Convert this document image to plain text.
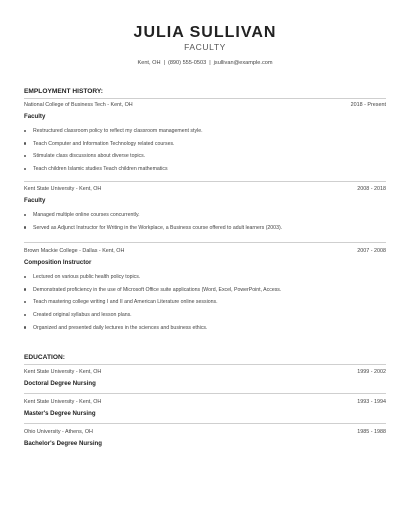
JULIA SULLIVAN
FACULTY
Kent, OH | (890) 555-0503 | jsullivan@example.com
EMPLOYMENT HISTORY:
National College of Business Tech - Kent, OH	2018 - Present
Faculty
Restructured classroom policy to reflect my classroom management style.
Teach Computer and Information Technology related courses.
Stimulate class discussions about diverse topics.
Teach children Islamic studies Teach children mathematics
Kent State University - Kent, OH	2008 - 2018
Faculty
Managed multiple online courses concurrently.
Served as Adjunct Instructor for Writing in the Workplace, a Business course offered to adult learners (2003).
Brown Mackie College - Dallas - Kent, OH	2007 - 2008
Composition Instructor
Lectured on various public health policy topics.
Demonstrated proficiency in the use of Microsoft Office suite applications (Word, Excel, PowerPoint, Access.
Teach mastering college writing I and II and American Literature online sessions.
Created original syllabus and lesson plans.
Organized and presented daily lectures in the sciences and business ethics.
EDUCATION:
Kent State University - Kent, OH	1999 - 2002
Doctoral Degree Nursing
Kent State University - Kent, OH	1993 - 1994
Master's Degree Nursing
Ohio University - Athens, OH	1985 - 1988
Bachelor's Degree Nursing
